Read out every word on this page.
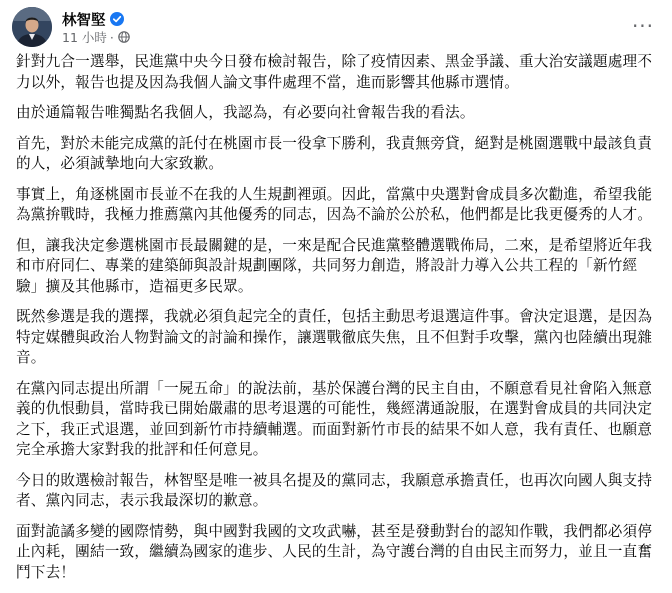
林智堅
11 小時 ·	···

針對九合一選舉，民進黨中央今日發布檢討報告，除了疫情因素、黑金爭議、重大治安議題處理不力以外，報告也提及因為我個人論文事件處理不當，進而影響其他縣市選情。

由於通篇報告唯獨點名我個人，我認為，有必要向社會報告我的看法。

首先，對於未能完成黨的託付在桃園市長一役拿下勝利，我責無旁貸，絕對是桃園選戰中最該負責的人，必須誠摯地向大家致歉。

事實上，角逐桃園市長並不在我的人生規劃裡頭。因此，當黨中央選對會成員多次勸進，希望我能為黨拚戰時，我極力推薦黨內其他優秀的同志，因為不論於公於私，他們都是比我更優秀的人才。

但，讓我決定參選桃園市長最關鍵的是，一來是配合民進黨整體選戰佈局，二來，是希望將近年我和市府同仁、專業的建築師與設計規劃團隊，共同努力創造，將設計力導入公共工程的「新竹經驗」擴及其他縣市，造福更多民眾。

既然參選是我的選擇，我就必須負起完全的責任，包括主動思考退選這件事。會決定退選，是因為特定媒體與政治人物對論文的討論和操作，讓選戰徹底失焦，且不但對手攻擊，黨內也陸續出現雜音。

在黨內同志提出所謂「一屍五命」的說法前，基於保護台灣的民主自由，不願意看見社會陷入無意義的仇恨動員，當時我已開始嚴肅的思考退選的可能性，幾經溝通說服，在選對會成員的共同決定之下，我正式退選，並回到新竹市持續輔選。而面對新竹市長的結果不如人意，我有責任、也願意完全承擔大家對我的批評和任何意見。

今日的敗選檢討報告，林智堅是唯一被具名提及的黨同志，我願意承擔責任，也再次向國人與支持者、黨內同志，表示我最深切的歉意。

面對詭譎多變的國際情勢，與中國對我國的文攻武嚇，甚至是發動對台的認知作戰，我們都必須停止內耗，團結一致，繼續為國家的進步、人民的生計，為守護台灣的自由民主而努力，並且一直奮鬥下去！
